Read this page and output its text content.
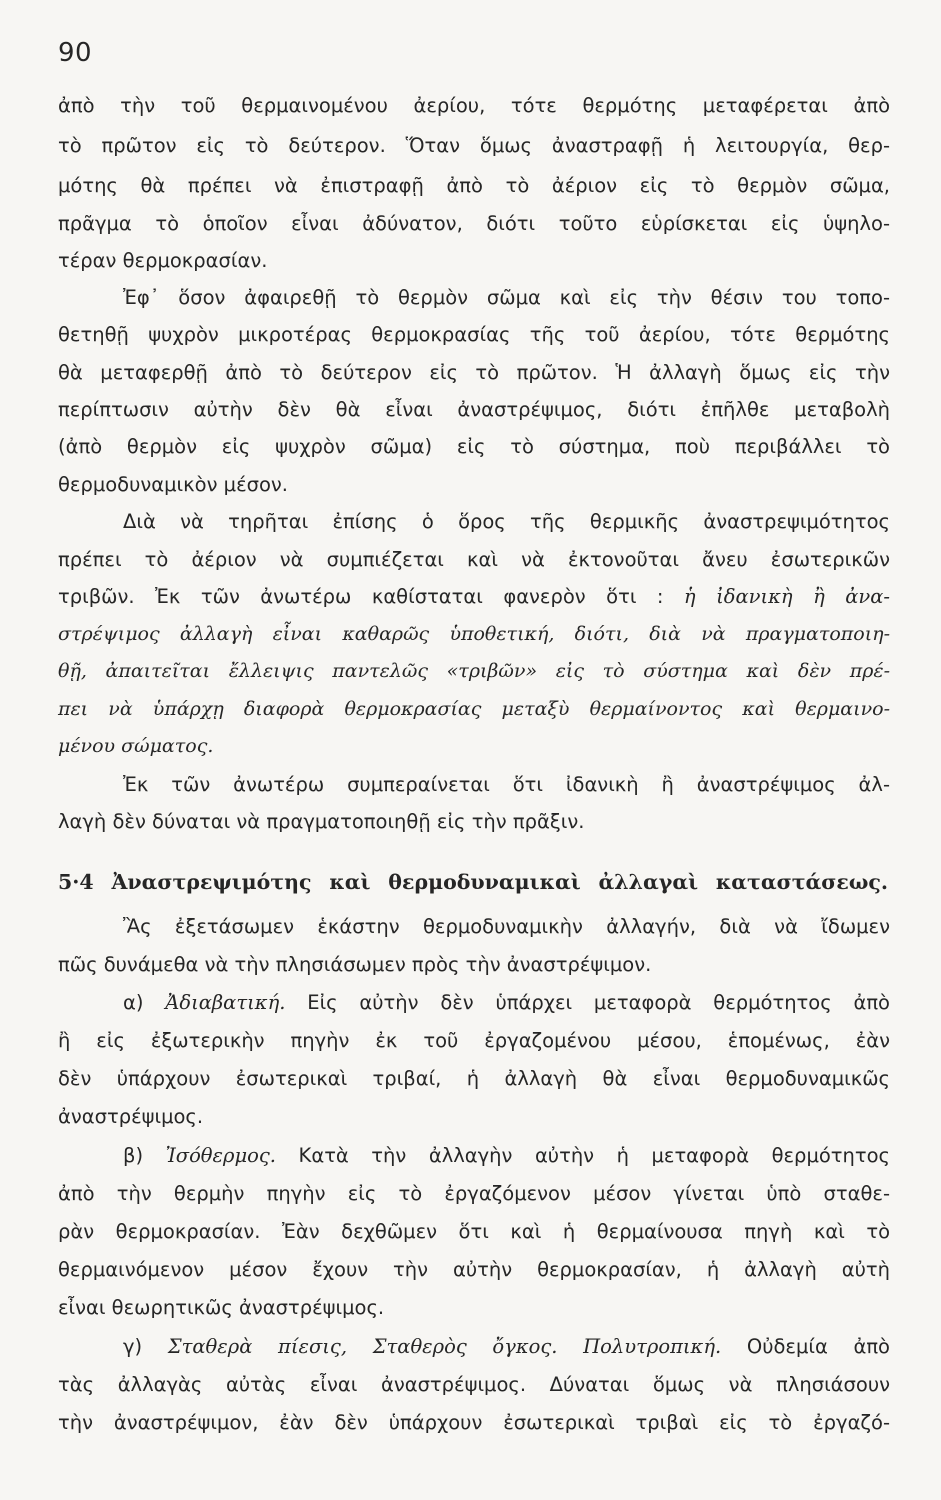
90
ἀπὸ τὴν τοῦ θερμαινομένου ἀερίου, τότε θερμότης μεταφέρεται ἀπὸ
τὸ πρῶτον εἰς τὸ δεύτερον. Ὅταν ὅμως ἀναστραφῇ ἡ λειτουργία, θερ-
μότης θὰ πρέπει νὰ ἐπιστραφῇ ἀπὸ τὸ ἀέριον εἰς τὸ θερμὸν σῶμα,
πρᾶγμα τὸ ὁποῖον εἶναι ἀδύνατον, διότι τοῦτο εὑρίσκεται εἰς ὑψηλο-
τέραν θερμοκρασίαν.
Ἐφ᾽ ὅσον ἀφαιρεθῇ τὸ θερμὸν σῶμα καὶ εἰς τὴν θέσιν του τοπο-
θετηθῇ ψυχρὸν μικροτέρας θερμοκρασίας τῆς τοῦ ἀερίου, τότε θερμότης
θὰ μεταφερθῇ ἀπὸ τὸ δεύτερον εἰς τὸ πρῶτον. Ἡ ἀλλαγὴ ὅμως εἰς τὴν
περίπτωσιν αὐτὴν δὲν θὰ εἶναι ἀναστρέψιμος, διότι ἐπῆλθε μεταβολὴ
(ἀπὸ θερμὸν εἰς ψυχρὸν σῶμα) εἰς τὸ σύστημα, ποὺ περιβάλλει τὸ
θερμοδυναμικὸν μέσον.
Διὰ νὰ τηρῆται ἐπίσης ὁ ὅρος τῆς θερμικῆς ἀναστρεψιμότητος
πρέπει τὸ ἀέριον νὰ συμπιέζεται καὶ νὰ ἐκτονοῦται ἄνευ ἐσωτερικῶν
τριβῶν. Ἐκ τῶν ἀνωτέρω καθίσταται φανερὸν ὅτι : ἡ ἰδανικὴ ἢ ἀνα-
στρέψιμος ἀλλαγὴ εἶναι καθαρῶς ὑποθετική, διότι, διὰ νὰ πραγματοποιη-
θῇ, ἀπαιτεῖται ἔλλειψις παντελῶς «τριβῶν» εἰς τὸ σύστημα καὶ δὲν πρέ-
πει νὰ ὑπάρχῃ διαφορὰ θερμοκρασίας μεταξὺ θερμαίνοντος καὶ θερμαινο-
μένου σώματος.
Ἐκ τῶν ἀνωτέρω συμπεραίνεται ὅτι ἰδανικὴ ἢ ἀναστρέψιμος ἀλ-
λαγὴ δὲν δύναται νὰ πραγματοποιηθῇ εἰς τὴν πρᾶξιν.
5·4 Ἀναστρεψιμότης καὶ θερμοδυναμικαὶ ἀλλαγαὶ καταστάσεως.
Ἂς ἐξετάσωμεν ἑκάστην θερμοδυναμικὴν ἀλλαγήν, διὰ νὰ ἴδωμεν
πῶς δυνάμεθα νὰ τὴν πλησιάσωμεν πρὸς τὴν ἀναστρέψιμον.
α) Ἀδιαβατική. Εἰς αὐτὴν δὲν ὑπάρχει μεταφορὰ θερμότητος ἀπὸ
ἢ εἰς ἐξωτερικὴν πηγὴν ἐκ τοῦ ἐργαζομένου μέσου, ἑπομένως, ἐὰν
δὲν ὑπάρχουν ἐσωτερικαὶ τριβαί, ἡ ἀλλαγὴ θὰ εἶναι θερμοδυναμικῶς
ἀναστρέψιμος.
β) Ἰσόθερμος. Κατὰ τὴν ἀλλαγὴν αὐτὴν ἡ μεταφορὰ θερμότητος
ἀπὸ τὴν θερμὴν πηγὴν εἰς τὸ ἐργαζόμενον μέσον γίνεται ὑπὸ σταθε-
ρὰν θερμοκρασίαν. Ἐὰν δεχθῶμεν ὅτι καὶ ἡ θερμαίνουσα πηγὴ καὶ τὸ
θερμαινόμενον μέσον ἔχουν τὴν αὐτὴν θερμοκρασίαν, ἡ ἀλλαγὴ αὐτὴ
εἶναι θεωρητικῶς ἀναστρέψιμος.
γ) Σταθερὰ πίεσις, Σταθερὸς ὄγκος. Πολυτροπική. Οὐδεμία ἀπὸ
τὰς ἀλλαγὰς αὐτὰς εἶναι ἀναστρέψιμος. Δύναται ὅμως νὰ πλησιάσουν
τὴν ἀναστρέψιμον, ἐὰν δὲν ὑπάρχουν ἐσωτερικαὶ τριβαὶ εἰς τὸ ἐργαζό-
